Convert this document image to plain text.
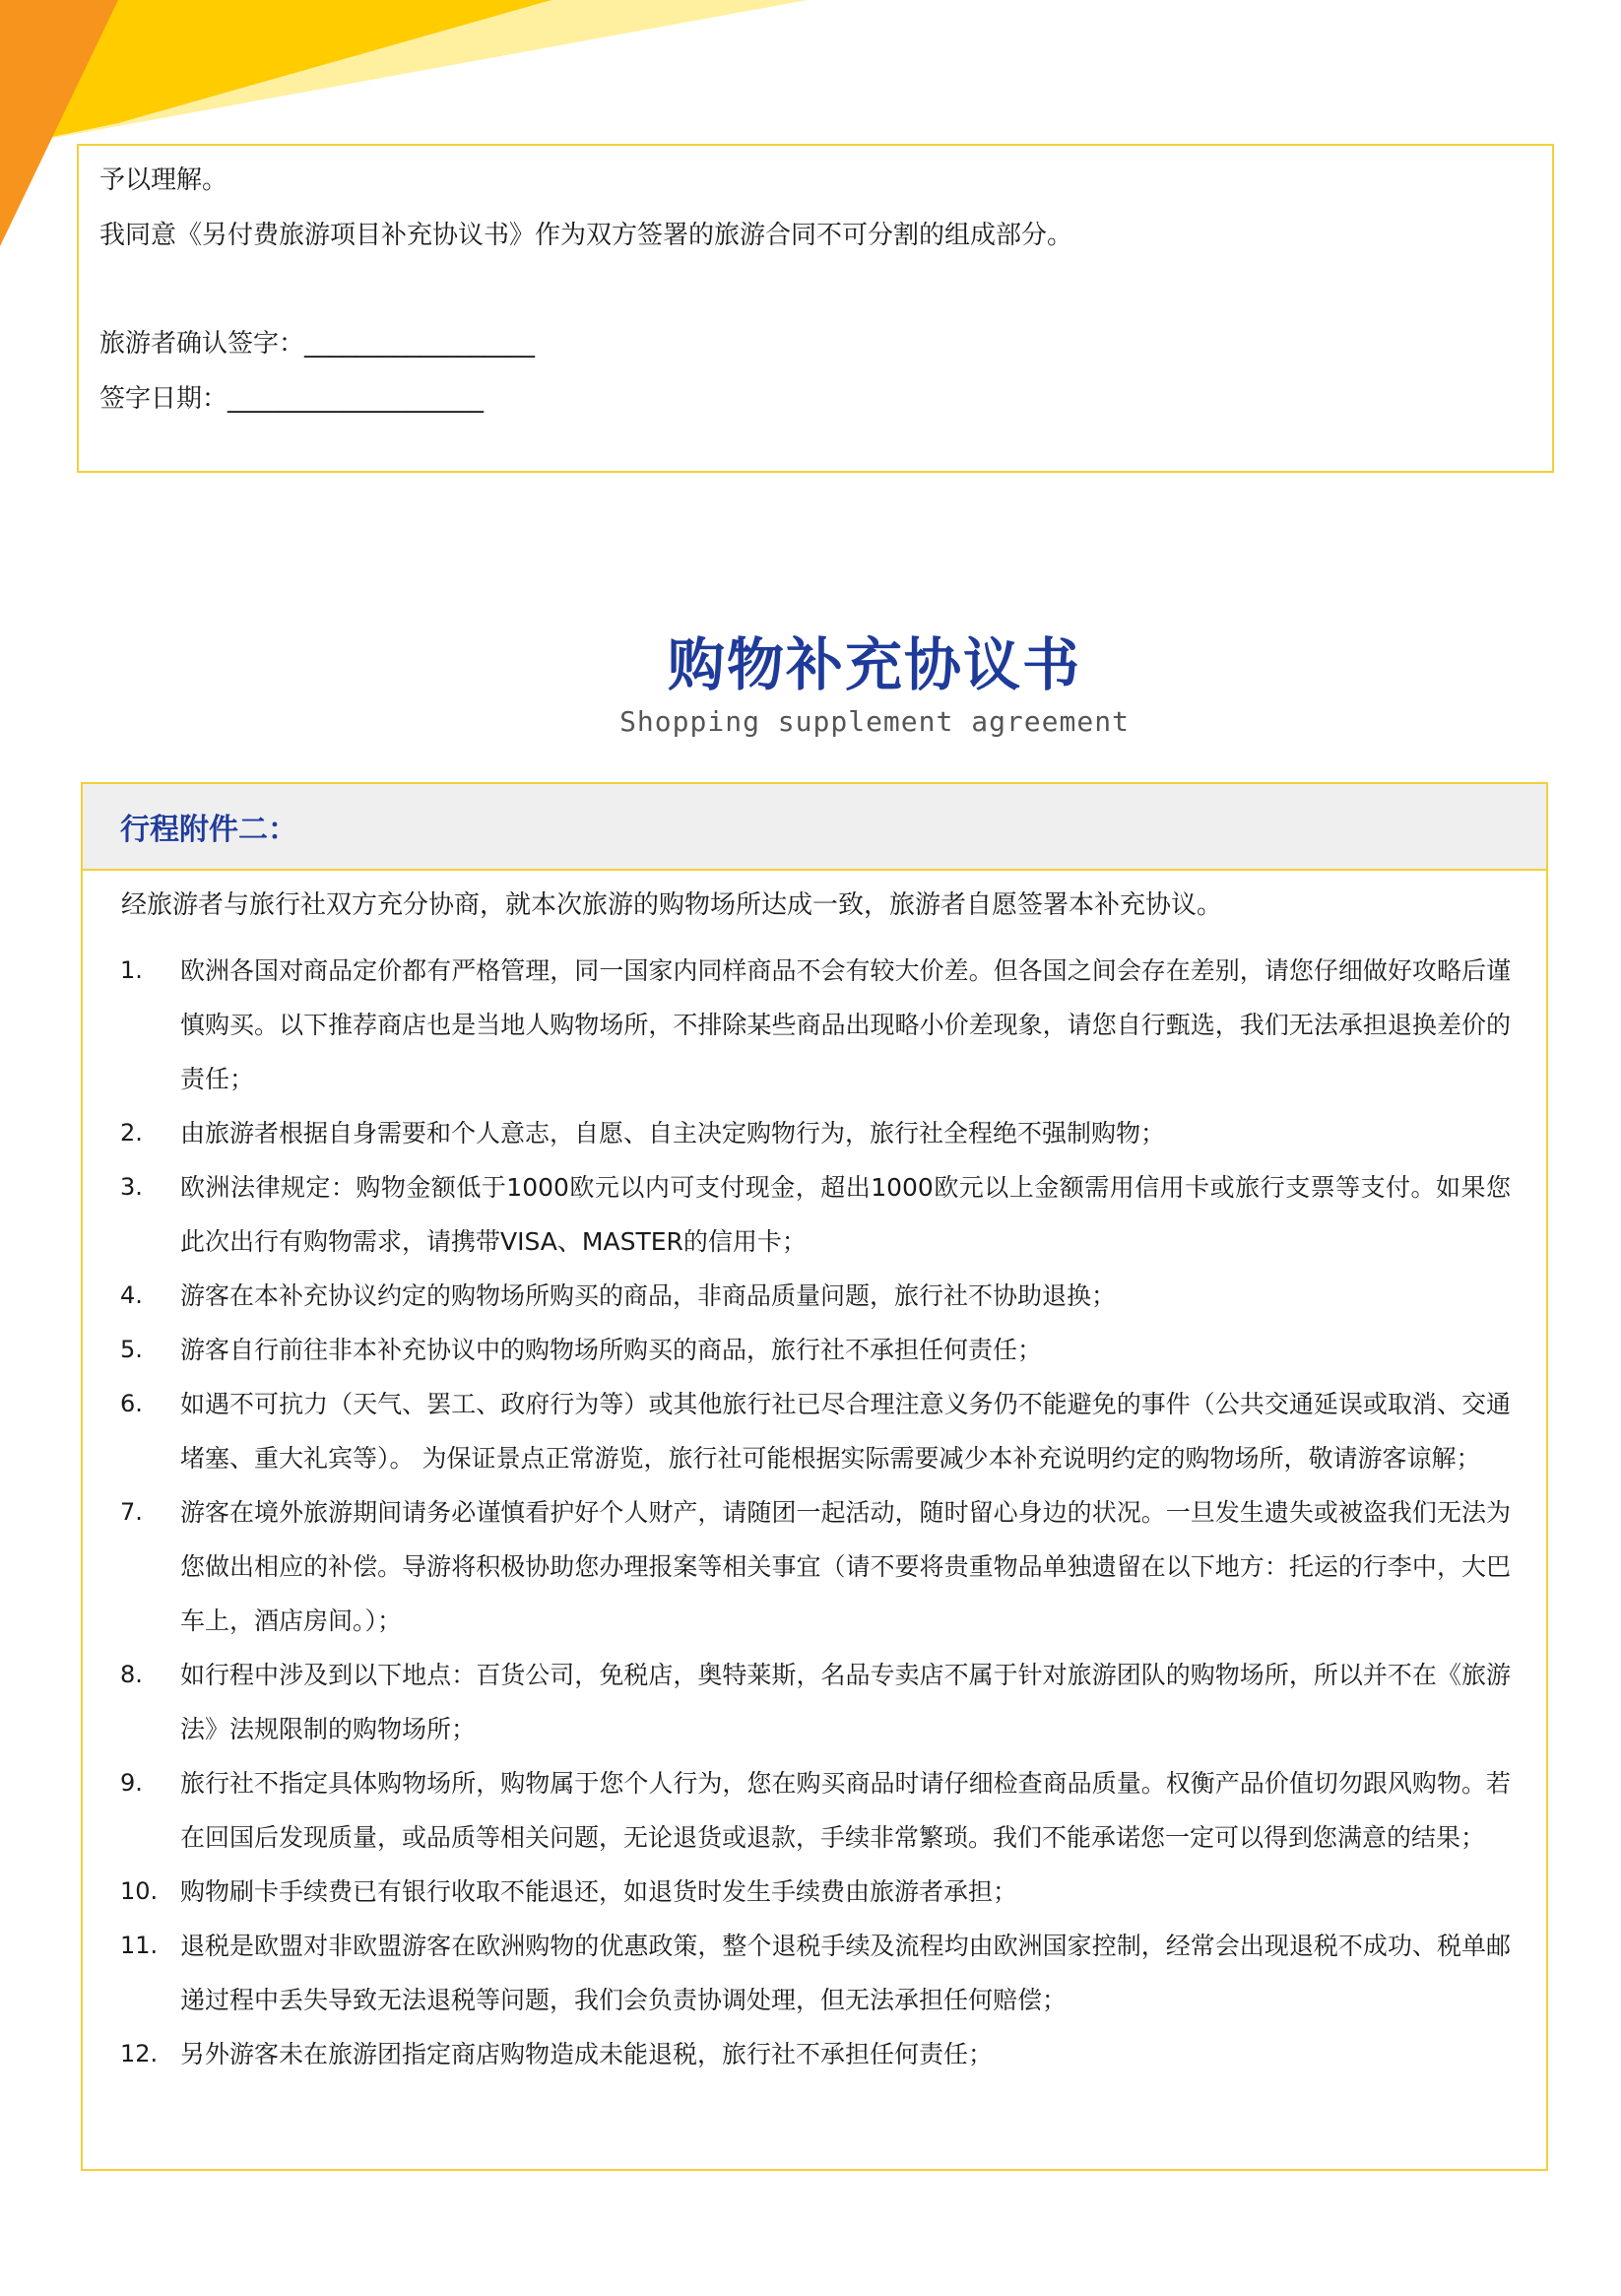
予以理解。

我同意《另付费旅游项目补充协议书》作为双方签署的旅游合同不可分割的组成部分。

旅游者确认签字：__________________

签字日期：____________________

购物补充协议书
Shopping supplement agreement
行程附件二：

经旅游者与旅行社双方充分协商，就本次旅游的购物场所达成一致，旅游者自愿签署本补充协议。

1. 欧洲各国对商品定价都有严格管理，同一国家内同样商品不会有较大价差。但各国之间会存在差别，请您仔细做好攻略后谨慎购买。以下推荐商店也是当地人购物场所，不排除某些商品出现略小价差现象，请您自行甄选，我们无法承担退换差价的责任；
2. 由旅游者根据自身需要和个人意志，自愿、自主决定购物行为，旅行社全程绝不强制购物；
3. 欧洲法律规定：购物金额低于1000欧元以内可支付现金，超出1000欧元以上金额需用信用卡或旅行支票等支付。如果您此次出行有购物需求，请携带VISA、MASTER的信用卡；
4. 游客在本补充协议约定的购物场所购买的商品，非商品质量问题，旅行社不协助退换；
5. 游客自行前往非本补充协议中的购物场所购买的商品，旅行社不承担任何责任；
6. 如遇不可抗力（天气、罢工、政府行为等）或其他旅行社已尽合理注意义务仍不能避免的事件（公共交通延误或取消、交通堵塞、重大礼宾等）。 为保证景点正常游览，旅行社可能根据实际需要减少本补充说明约定的购物场所，敬请游客谅解；
7. 游客在境外旅游期间请务必谨慎看护好个人财产，请随团一起活动，随时留心身边的状况。一旦发生遗失或被盗我们无法为您做出相应的补偿。导游将积极协助您办理报案等相关事宜（请不要将贵重物品单独遗留在以下地方：托运的行李中，大巴车上，酒店房间。）；
8. 如行程中涉及到以下地点：百货公司，免税店，奥特莱斯，名品专卖店不属于针对旅游团队的购物场所，所以并不在《旅游法》法规限制的购物场所；
9. 旅行社不指定具体购物场所，购物属于您个人行为，您在购买商品时请仔细检查商品质量。权衡产品价值切勿跟风购物。若在回国后发现质量，或品质等相关问题，无论退货或退款，手续非常繁琐。我们不能承诺您一定可以得到您满意的结果；
10. 购物刷卡手续费已有银行收取不能退还，如退货时发生手续费由旅游者承担；
11. 退税是欧盟对非欧盟游客在欧洲购物的优惠政策，整个退税手续及流程均由欧洲国家控制，经常会出现退税不成功、税单邮递过程中丢失导致无法退税等问题，我们会负责协调处理，但无法承担任何赔偿；
12. 另外游客未在旅游团指定商店购物造成未能退税，旅行社不承担任何责任；
